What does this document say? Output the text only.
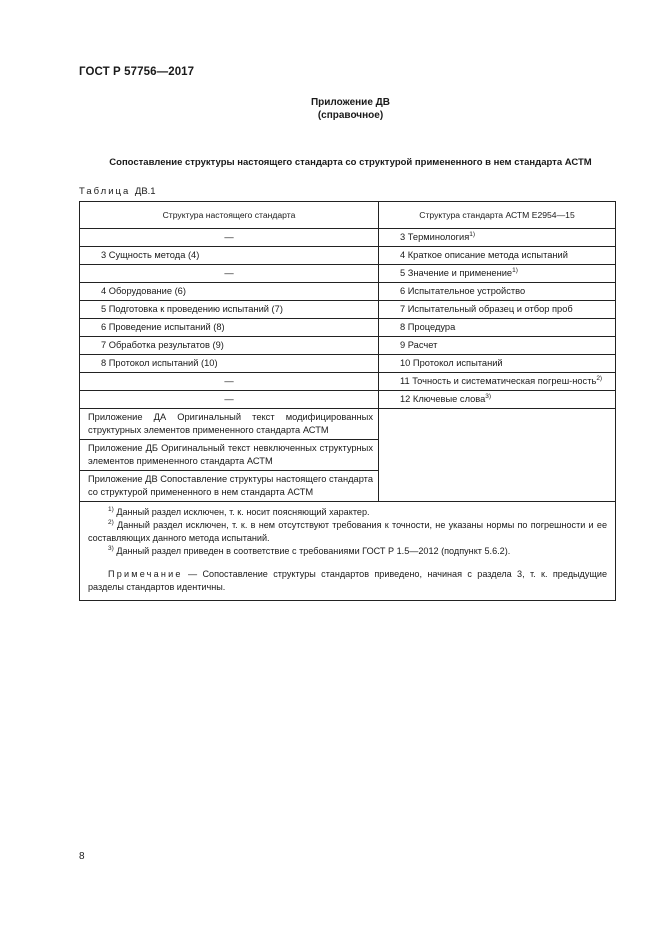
ГОСТ Р 57756—2017
Приложение ДВ
(справочное)
Сопоставление структуры настоящего стандарта со структурой примененного в нем стандарта АСТМ
Таблица ДВ.1
Структура настоящего стандарта	Структура стандарта АСТМ E2954—15
—	3 Терминология$^{1)}$
3 Сущность метода (4)	4 Краткое описание метода испытаний
—	5 Значение и применение$^{1)}$
4 Оборудование (6)	6 Испытательное устройство
5 Подготовка к проведению испытаний (7)	7 Испытательный образец и отбор проб
6 Проведение испытаний (8)	8 Процедура
7 Обработка результатов (9)	9 Расчет
8 Протокол испытаний (10)	10 Протокол испытаний
—	11 Точность и систематическая погреш-ность$^{2)}$
—	12 Ключевые слова$^{3)}$
Приложение ДА Оригинальный текст модифицированных структурных элементов примененного стандарта АСТМ	
Приложение ДБ Оригинальный текст невключенных структурных элементов примененного стандарта АСТМ	
Приложение ДВ Сопоставление структуры настоящего стандарта со структурой примененного в нем стандарта АСТМ	

$^{1)}$ Данный раздел исключен, т. к. носит поясняющий характер.

$^{2)}$ Данный раздел исключен, т. к. в нем отсутствуют требования к точности, не указаны нормы по погрешности и ее составляющих данного метода испытаний.

$^{3)}$ Данный раздел приведен в соответствие с требованиями ГОСТ Р 1.5—2012 (подпункт 5.6.2).

Примечание — Сопоставление структуры стандартов приведено, начиная с раздела 3, т. к. предыдущие разделы стандартов идентичны.	

8
